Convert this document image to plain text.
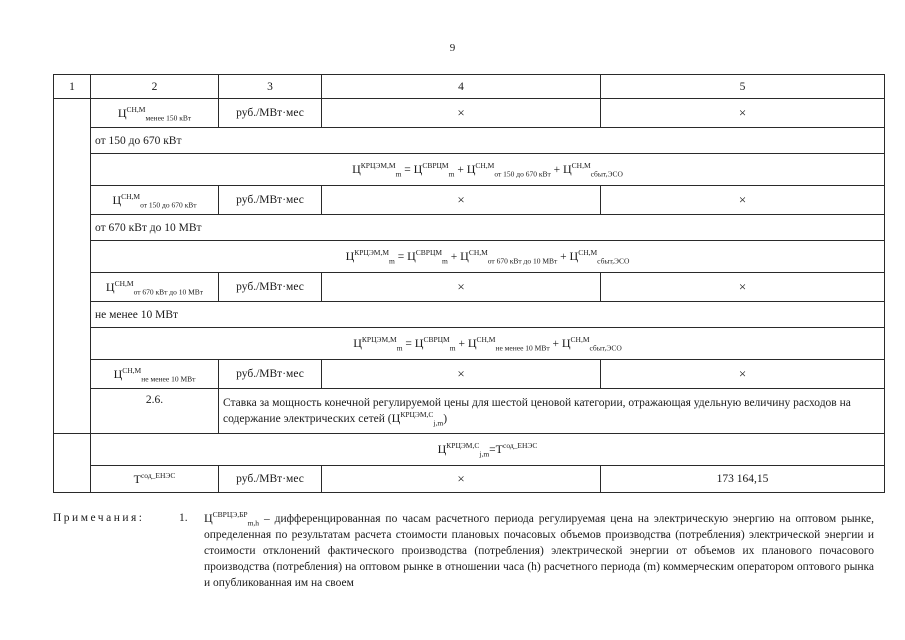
9
1	2	3	4	5
	$Ц^{СН,М}_{менее 150 кВт}$	руб./МВт·мес	×	×
	от 150 до 670 кВт			
	$Ц^{КРЦЭМ,М}_m = Ц^{СВРЦМ}_m + Ц^{СН,М}_{от 150 до 670 кВт} + Ц^{СН,М}_{сбыт,ЭСО}$
	$Ц^{СН,М}_{от 150 до 670 кВт}$	руб./МВт·мес	×	×
	от 670 кВт до 10 МВт			
	$Ц^{КРЦЭМ,М}_m = Ц^{СВРЦМ}_m + Ц^{СН,М}_{от 670 кВт до 10 МВт} + Ц^{СН,М}_{сбыт,ЭСО}$
	$Ц^{СН,М}_{от 670 кВт до 10 МВт}$	руб./МВт·мес	×	×
	не менее 10 МВт			
	$Ц^{КРЦЭМ,М}_m = Ц^{СВРЦМ}_m + Ц^{СН,М}_{не менее 10 МВт} + Ц^{СН,М}_{сбыт,ЭСО}$
	$Ц^{СН,М}_{не менее 10 МВт}$	руб./МВт·мес	×	×
	2.6.	Ставка за мощность конечной регулируемой цены для шестой ценовой категории, отражающая удельную величину расходов на содержание электрических сетей $(Ц^{КРЦЭМ,С}_{j,m})$		
	$Ц^{КРЦЭМ,С}_{j,m}=T^{сод\_ЕНЭС}$
	$T^{сод\_ЕНЭС}$	руб./МВт·мес	×	173 164,15
Примечания:	1. $Ц^{СВРЦЭ,БР}_{m,h}$ – дифференцированная по часам расчетного периода регулируемая цена на электрическую энергию на оптовом рынке, определенная по результатам расчета стоимости плановых почасовых объемов производства (потребления) электрической энергии и стоимости отклонений фактического производства (потребления) электрической энергии от объемов их планового почасового производства (потребления) на оптовом рынке в отношении часа (h) расчетного периода (m) коммерческим оператором оптового рынка и опубликованная им на своем
